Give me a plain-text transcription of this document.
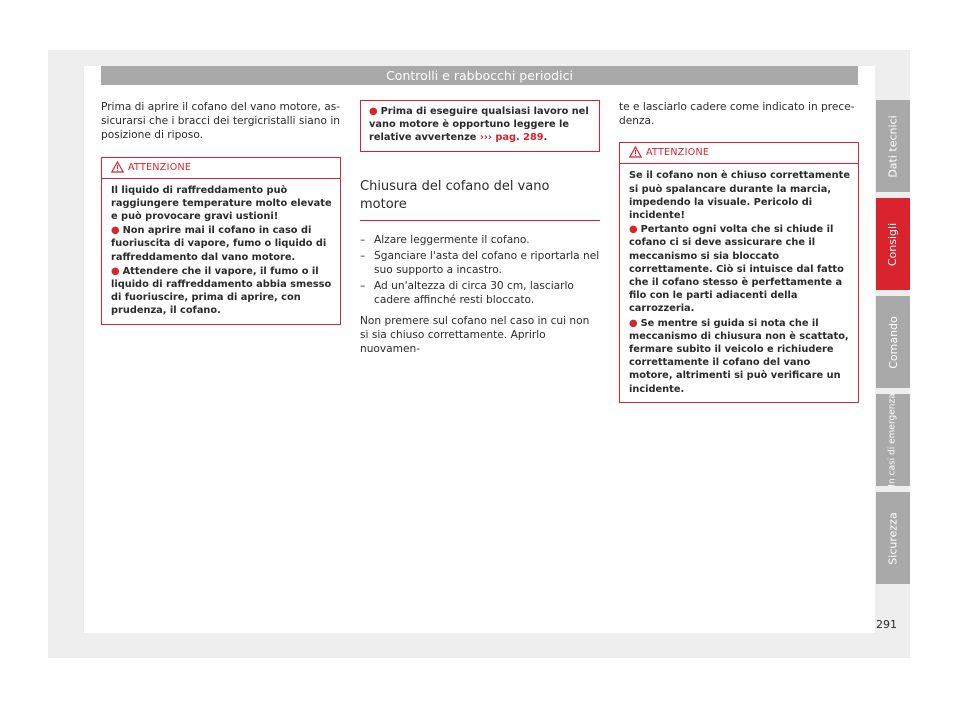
Controlli e rabbocchi periodici

Prima di aprire il cofano del vano motore, assicurarsi che i bracci dei tergicristalli siano in posizione di riposo.

ATTENZIONE
Il liquido di raffreddamento può raggiungere temperature molto elevate e può provocare gravi ustioni!
● Non aprire mai il cofano in caso di fuoriuscita di vapore, fumo o liquido di raffreddamento dal vano motore.
● Attendere che il vapore, il fumo o il liquido di raffreddamento abbia smesso di fuoriuscire, prima di aprire, con prudenza, il cofano.
● Prima di eseguire qualsiasi lavoro nel vano motore è opportuno leggere le relative avvertenze ››› pag. 289.
Chiusura del cofano del vano motore
– Alzare leggermente il cofano.
– Sganciare l'asta del cofano e riportarla nel suo supporto a incastro.
– Ad un'altezza di circa 30 cm, lasciarlo cadere affinché resti bloccato.

Non premere sul cofano nel caso in cui non si sia chiuso correttamente. Aprirlo nuovamen-

te e lasciarlo cadere come indicato in precedenza.

ATTENZIONE
Se il cofano non è chiuso correttamente si può spalancare durante la marcia, impedendo la visuale. Pericolo di incidente!
● Pertanto ogni volta che si chiude il cofano ci si deve assicurare che il meccanismo si sia bloccato correttamente. Ciò si intuisce dal fatto che il cofano stesso è perfettamente a filo con le parti adiacenti della carrozzeria.
● Se mentre si guida si nota che il meccanismo di chiusura non è scattato, fermare subito il veicolo e richiudere correttamente il cofano del vano motore, altrimenti si può verificare un incidente.
Dati tecnici
Consigli
Comando
In casi di emergenza
Sicurezza
291
